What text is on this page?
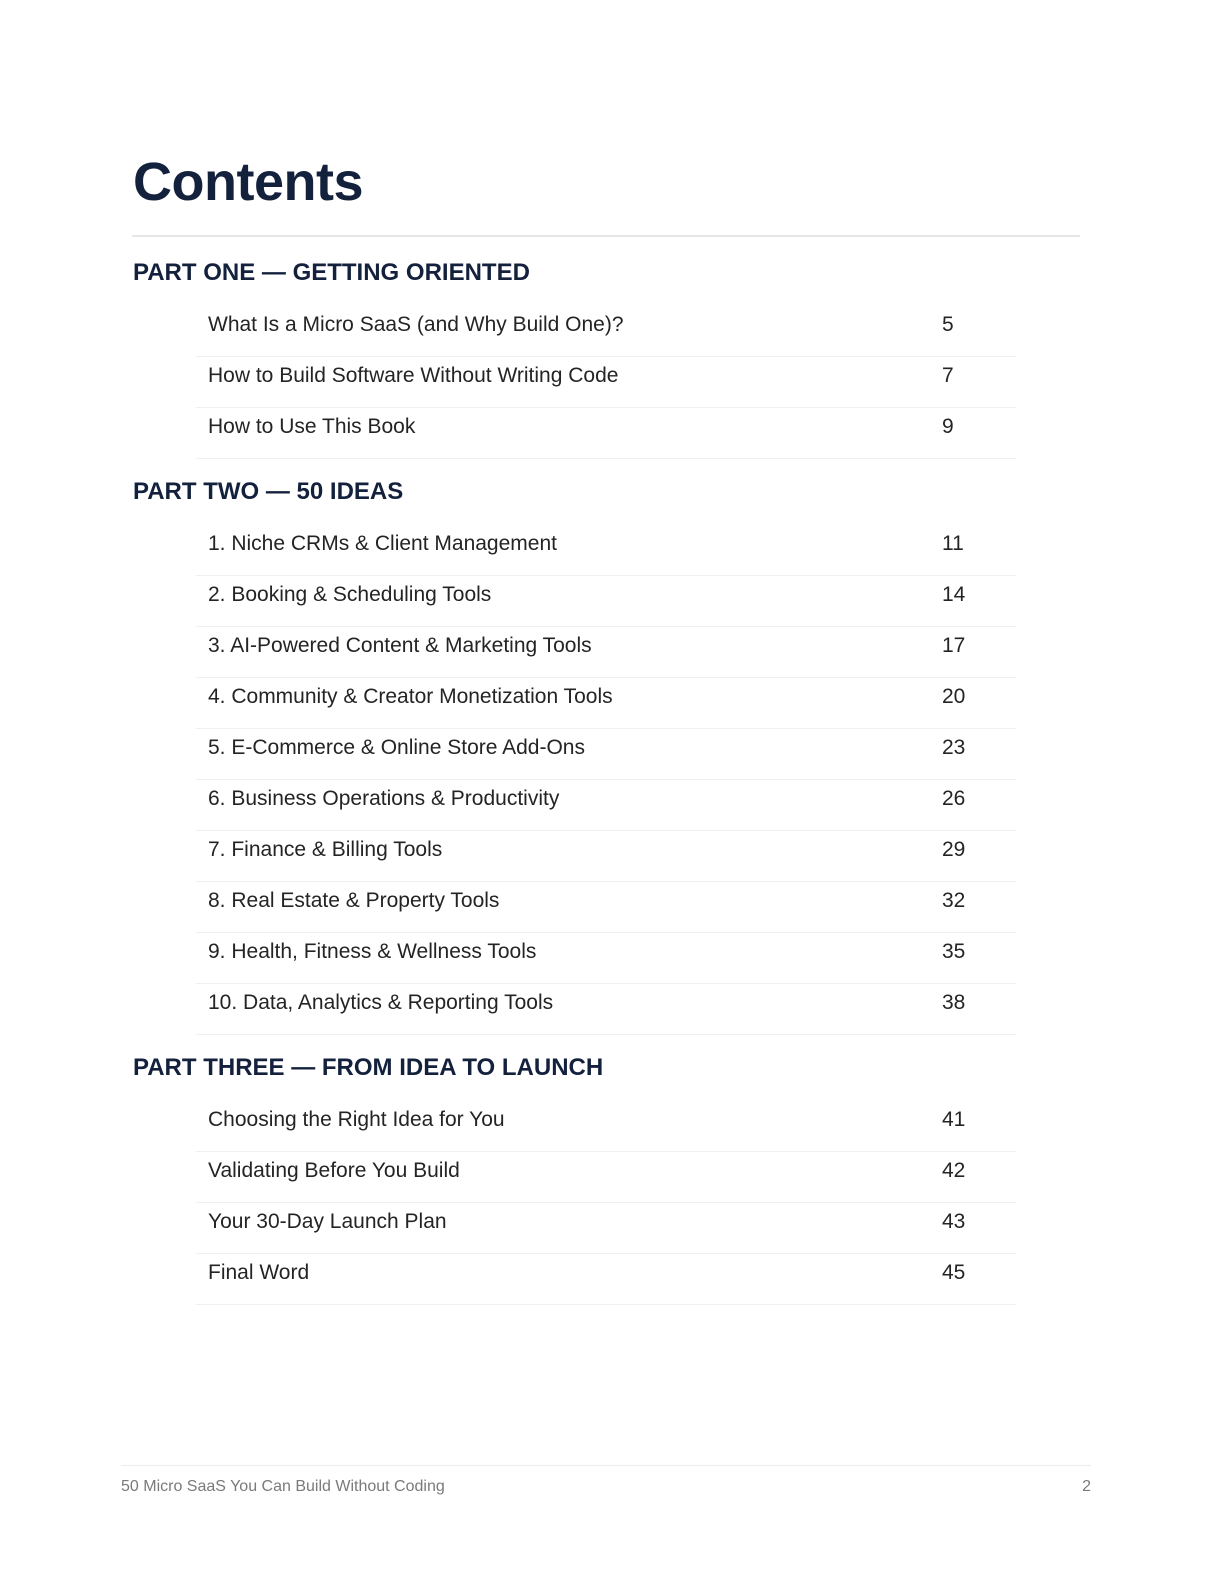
Contents
PART ONE — GETTING ORIENTED
What Is a Micro SaaS (and Why Build One)?	5
How to Build Software Without Writing Code	7
How to Use This Book	9
PART TWO — 50 IDEAS
1. Niche CRMs & Client Management	11
2. Booking & Scheduling Tools	14
3. AI-Powered Content & Marketing Tools	17
4. Community & Creator Monetization Tools	20
5. E-Commerce & Online Store Add-Ons	23
6. Business Operations & Productivity	26
7. Finance & Billing Tools	29
8. Real Estate & Property Tools	32
9. Health, Fitness & Wellness Tools	35
10. Data, Analytics & Reporting Tools	38
PART THREE — FROM IDEA TO LAUNCH
Choosing the Right Idea for You	41
Validating Before You Build	42
Your 30-Day Launch Plan	43
Final Word	45
50 Micro SaaS You Can Build Without Coding	2
